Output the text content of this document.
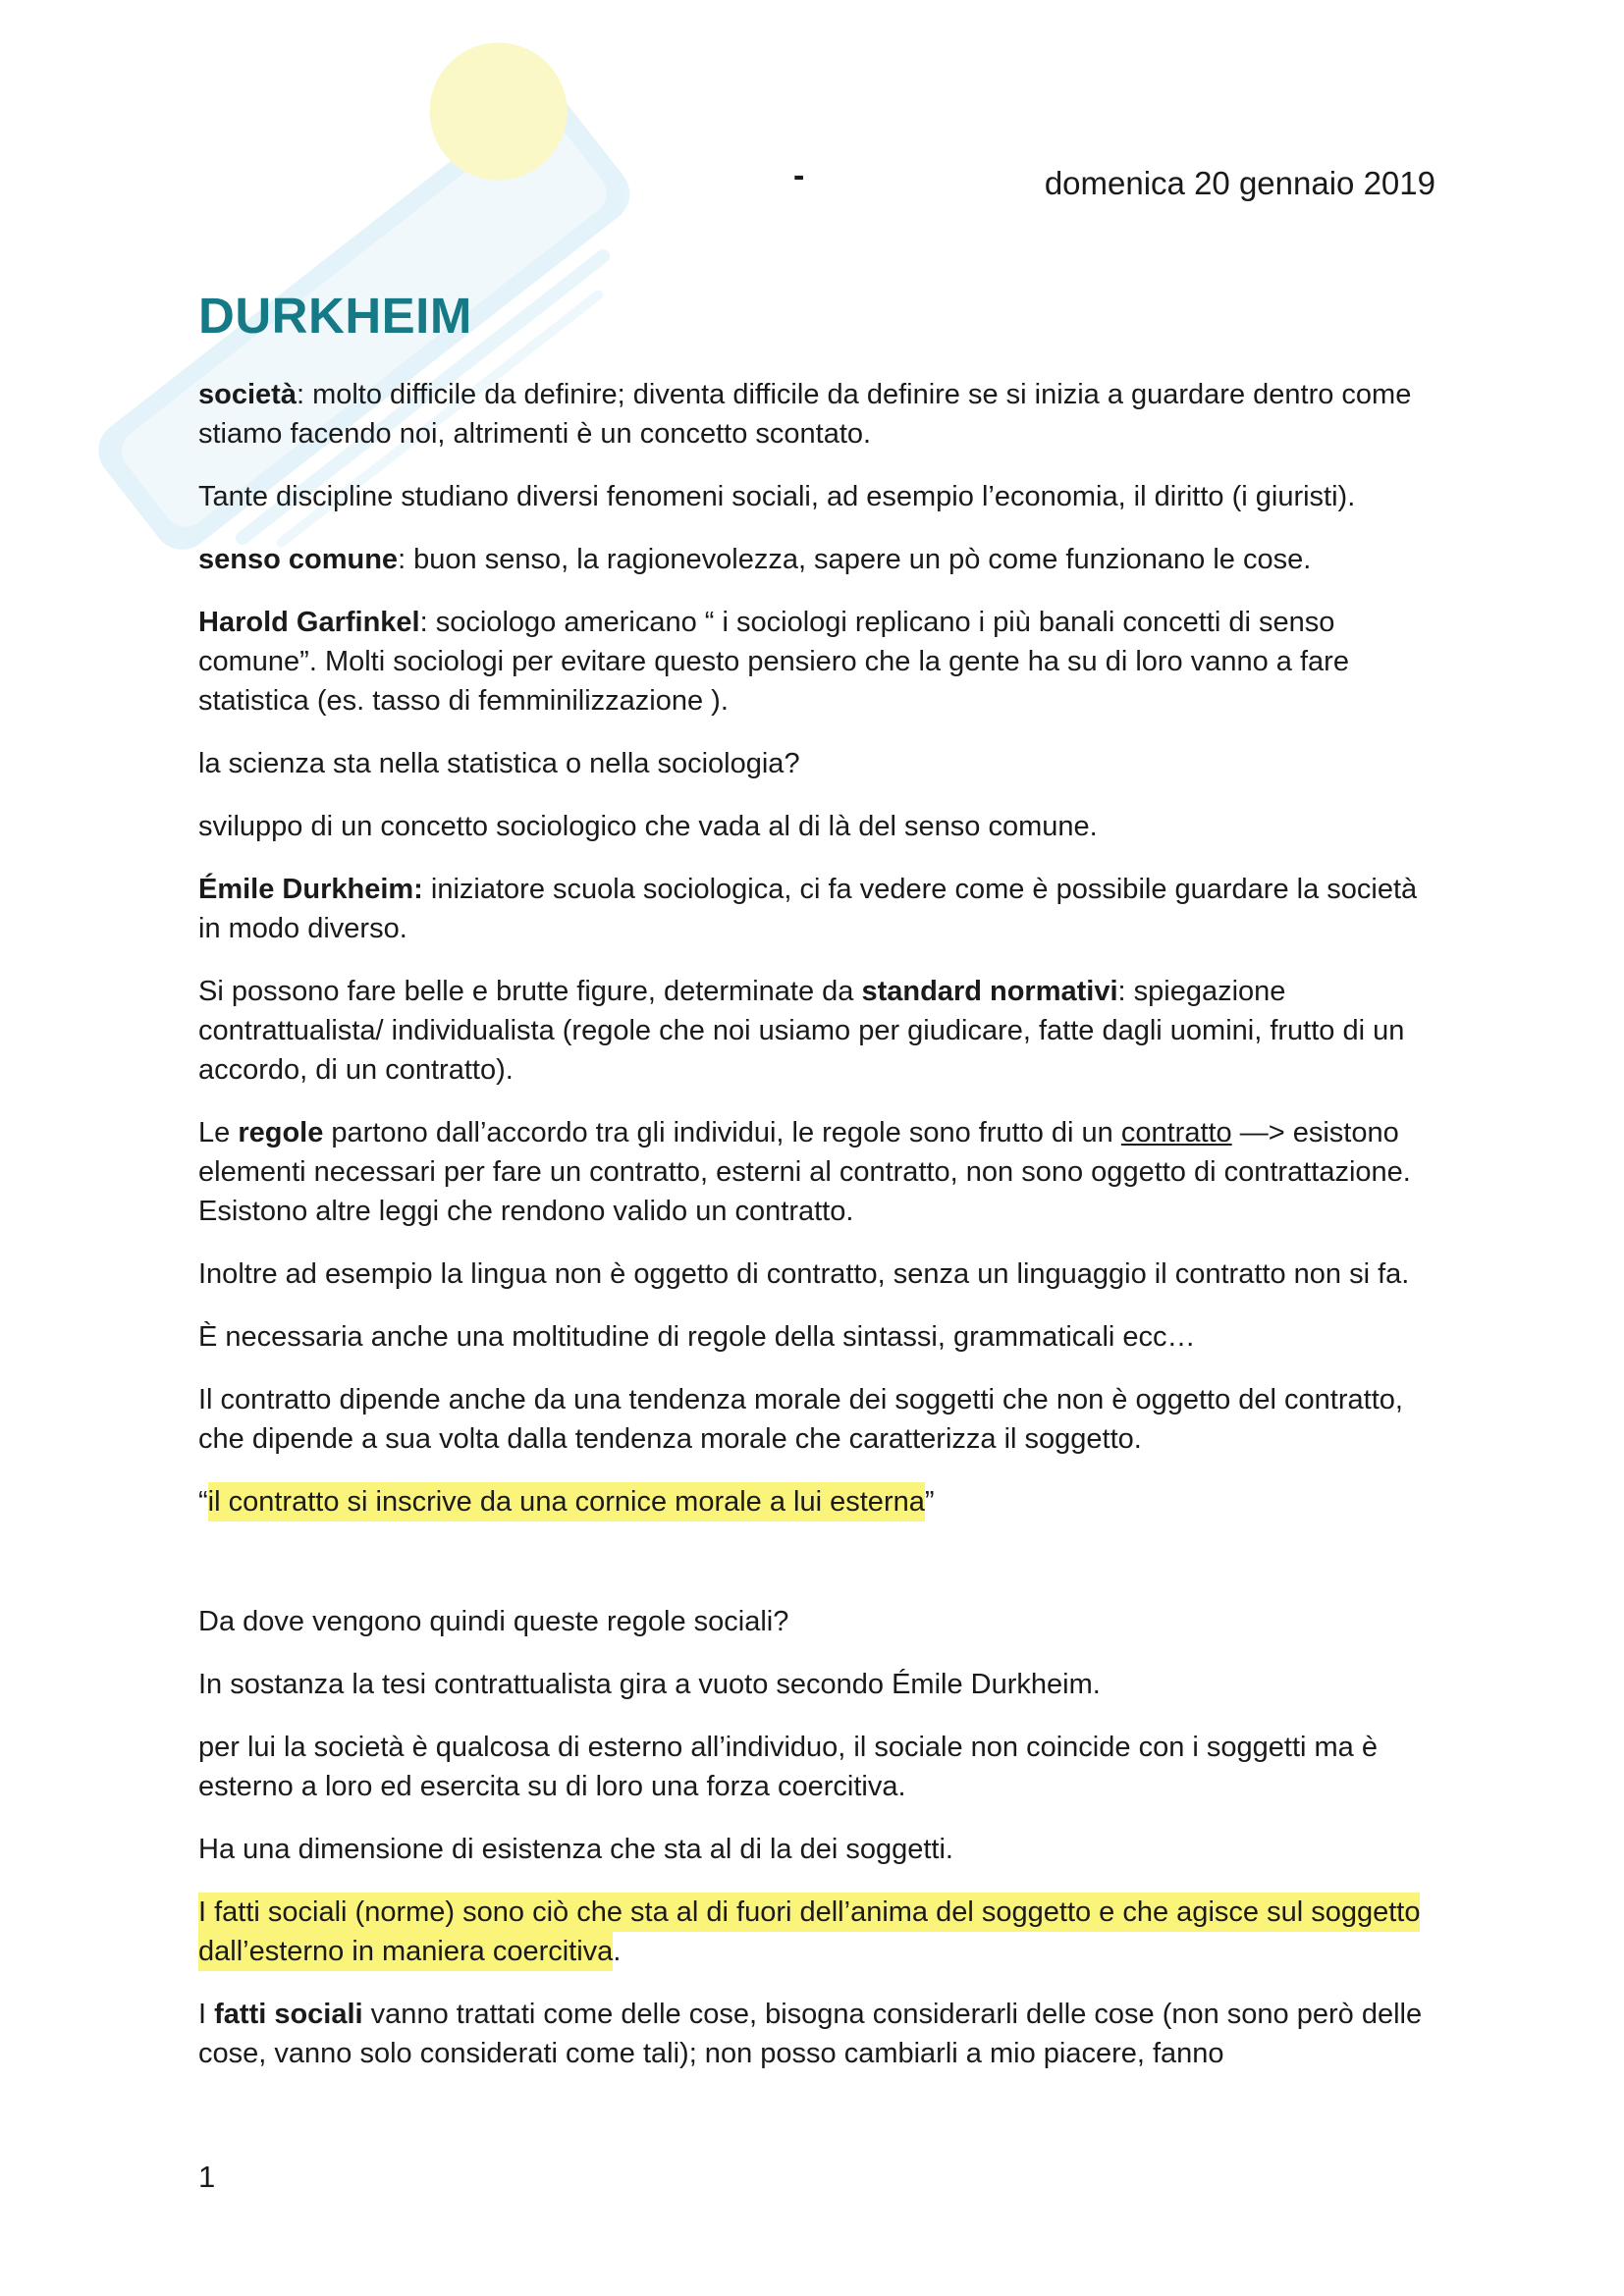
-	domenica 20 gennaio 2019
DURKHEIM

società: molto difficile da definire; diventa difficile da definire se si inizia a guardare dentro come stiamo facendo noi, altrimenti è un concetto scontato.

Tante discipline studiano diversi fenomeni sociali, ad esempio l’economia, il diritto (i giuristi).

senso comune: buon senso, la ragionevolezza, sapere un pò come funzionano le cose.

Harold Garfinkel: sociologo americano “ i sociologi replicano i più banali concetti di senso comune”. Molti sociologi per evitare questo pensiero che la gente ha su di loro vanno a fare statistica (es. tasso di femminilizzazione ).

la scienza sta nella statistica o nella sociologia?

sviluppo di un concetto sociologico che vada al di là del senso comune.

Émile Durkheim: iniziatore scuola sociologica, ci fa vedere come è possibile guardare la società in modo diverso.

Si possono fare belle e brutte figure, determinate da standard normativi: spiegazione contrattualista/ individualista (regole che noi usiamo per giudicare, fatte dagli uomini, frutto di un accordo, di un contratto).

Le regole partono dall’accordo tra gli individui, le regole sono frutto di un contratto —> esistono elementi necessari per fare un contratto, esterni al contratto, non sono oggetto di contrattazione. Esistono altre leggi che rendono valido un contratto.

Inoltre ad esempio la lingua non è oggetto di contratto, senza un linguaggio il contratto non si fa.

È necessaria anche una moltitudine di regole della sintassi, grammaticali ecc…

Il contratto dipende anche da una tendenza morale dei soggetti che non è oggetto del contratto, che dipende a sua volta dalla tendenza morale che caratterizza il soggetto.

“il contratto si inscrive da una cornice morale a lui esterna”

Da dove vengono quindi queste regole sociali?

In sostanza la tesi contrattualista gira a vuoto secondo Émile Durkheim.

per lui la società è qualcosa di esterno all’individuo, il sociale non coincide con i soggetti ma è esterno a loro ed esercita su di loro una forza coercitiva.

Ha una dimensione di esistenza che sta al di la dei soggetti.

I fatti sociali (norme) sono ciò che sta al di fuori dell’anima del soggetto e che agisce sul soggetto dall’esterno in maniera coercitiva.

I fatti sociali vanno trattati come delle cose, bisogna considerarli delle cose (non sono però delle cose, vanno solo considerati come tali); non posso cambiarli a mio piacere, fanno

1
